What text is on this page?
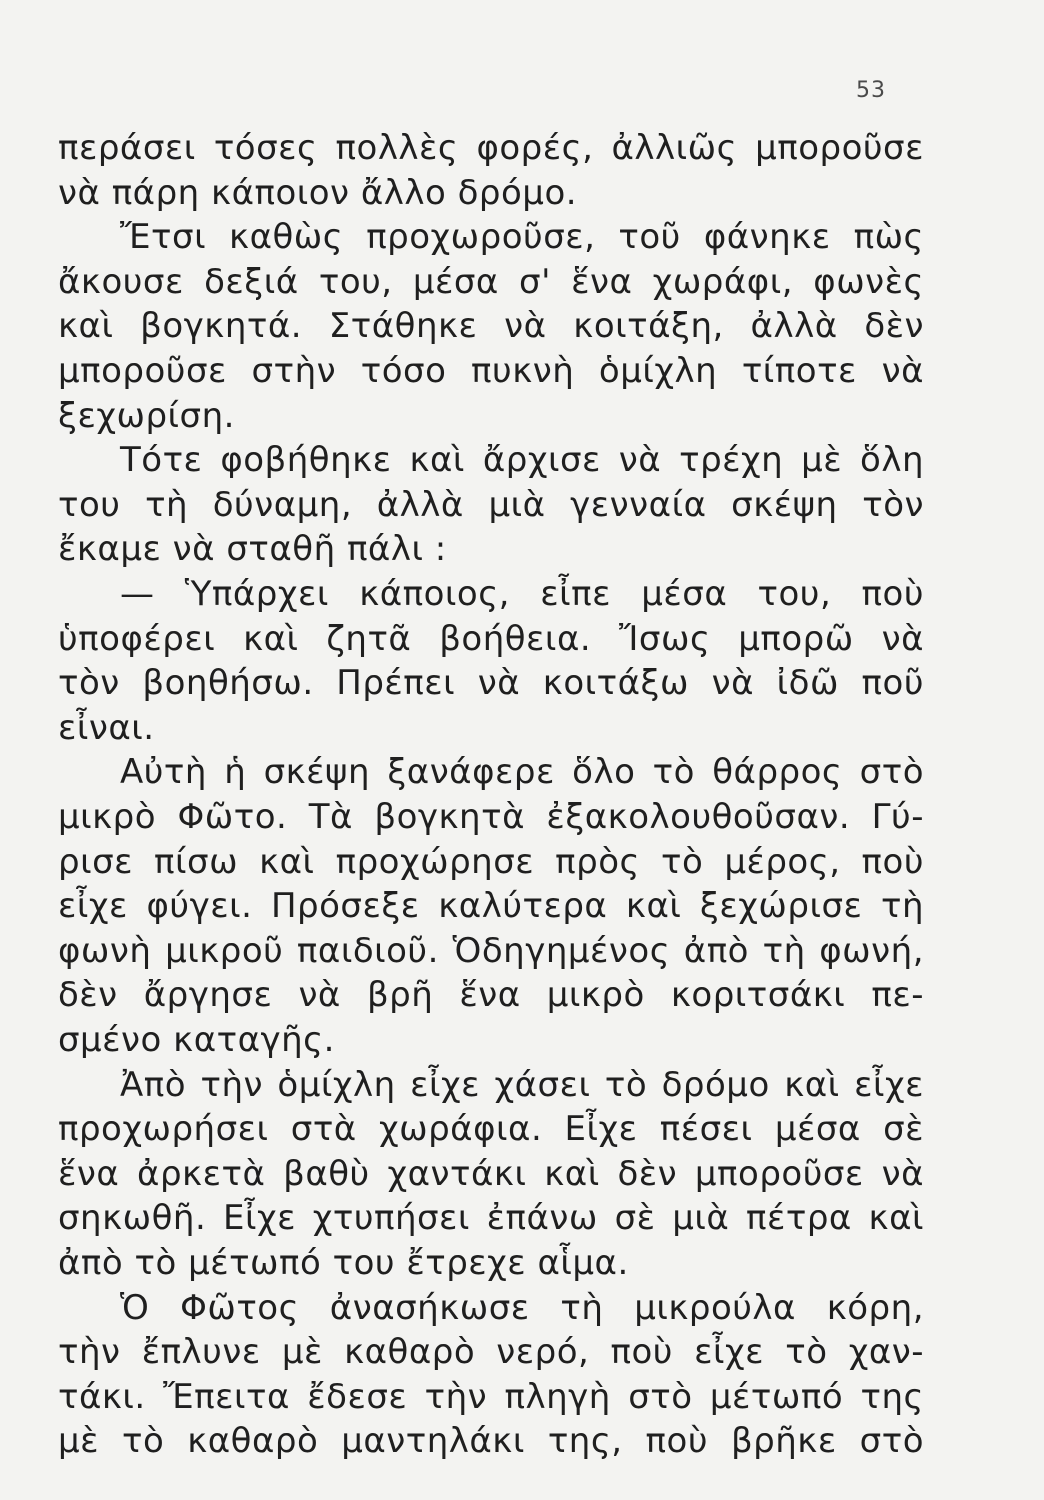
53
περάσει τόσες πολλὲς φορές, ἀλλιῶς μποροῦσε
νὰ πάρη κάποιον ἄλλο δρόμο.
Ἔτσι καθὼς προχωροῦσε, τοῦ φάνηκε πὼς
ἄκουσε δεξιά του, μέσα σ' ἕνα χωράφι, φωνὲς
καὶ βογκητά. Στάθηκε νὰ κοιτάξη, ἀλλὰ δὲν
μποροῦσε στὴν τόσο πυκνὴ ὁμίχλη τίποτε νὰ
ξεχωρίση.
Τότε φοβήθηκε καὶ ἄρχισε νὰ τρέχη μὲ ὅλη
του τὴ δύναμη, ἀλλὰ μιὰ γενναία σκέψη τὸν
ἔκαμε νὰ σταθῆ πάλι :
— Ὑπάρχει κάποιος, εἶπε μέσα του, ποὺ
ὑποφέρει καὶ ζητᾶ βοήθεια. Ἴσως μπορῶ νὰ
τὸν βοηθήσω. Πρέπει νὰ κοιτάξω νὰ ἰδῶ ποῦ
εἶναι.
Αὐτὴ ἡ σκέψη ξανάφερε ὅλο τὸ θάρρος στὸ
μικρὸ Φῶτο. Τὰ βογκητὰ ἐξακολουθοῦσαν. Γύ-
ρισε πίσω καὶ προχώρησε πρὸς τὸ μέρος, ποὺ
εἶχε φύγει. Πρόσεξε καλύτερα καὶ ξεχώρισε τὴ
φωνὴ μικροῦ παιδιοῦ. Ὁδηγημένος ἀπὸ τὴ φωνή,
δὲν ἄργησε νὰ βρῆ ἕνα μικρὸ κοριτσάκι πε-
σμένο καταγῆς.
Ἀπὸ τὴν ὁμίχλη εἶχε χάσει τὸ δρόμο καὶ εἶχε
προχωρήσει στὰ χωράφια. Εἶχε πέσει μέσα σὲ
ἕνα ἀρκετὰ βαθὺ χαντάκι καὶ δὲν μποροῦσε νὰ
σηκωθῆ. Εἶχε χτυπήσει ἐπάνω σὲ μιὰ πέτρα καὶ
ἀπὸ τὸ μέτωπό του ἔτρεχε αἷμα.
Ὁ Φῶτος ἀνασήκωσε τὴ μικρούλα κόρη,
τὴν ἔπλυνε μὲ καθαρὸ νερό, ποὺ εἶχε τὸ χαν-
τάκι. Ἔπειτα ἔδεσε τὴν πληγὴ στὸ μέτωπό της
μὲ τὸ καθαρὸ μαντηλάκι της, ποὺ βρῆκε στὸ
